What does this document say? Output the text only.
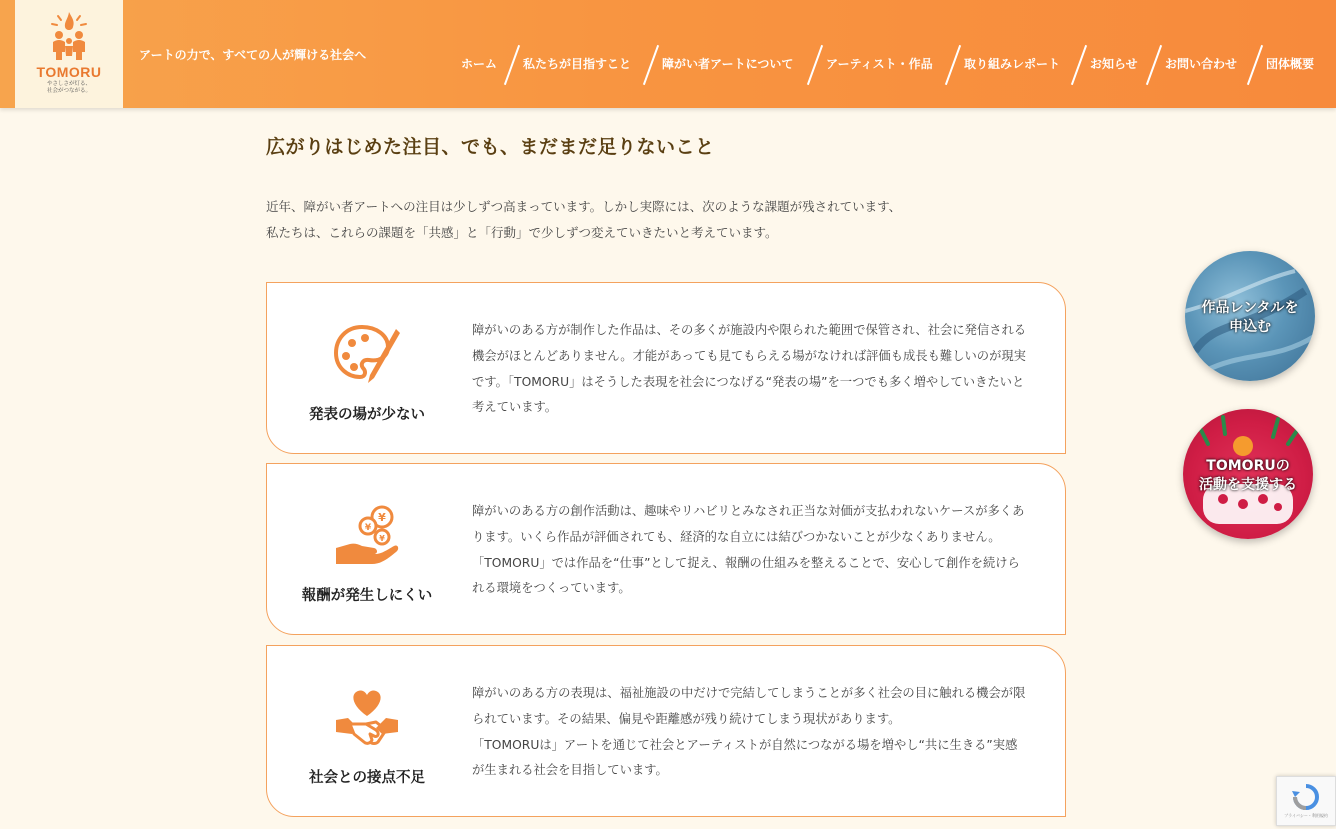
TOMORU
やさしさが灯る、
社会がつながる。
アートの力で、すべての人が輝ける社会へ
ホーム 私たちが目指すこと	障がい者アートについて	アーティスト・作品	取り組みレポート お知らせ お問い合わせ 団体概要
広がりはじめた注目、でも、まだまだ足りないこと
近年、障がい者アートへの注目は少しずつ高まっています。しかし実際には、次のような課題が残されています、
私たちは、これらの課題を「共感」と「行動」で少しずつ変えていきたいと考えています。
発表の場が少ない
障がいのある方が制作した作品は、その多くが施設内や限られた範囲で保管され、社会に発信される機会がほとんどありません。才能があっても見てもらえる場がなければ評価も成長も難しいのが現実です。「TOMORU」はそうした表現を社会につなげる“発表の場”を一つでも多く増やしていきたいと考えています。
¥
¥
¥
報酬が発生しにくい
障がいのある方の創作活動は、趣味やリハビリとみなされ正当な対価が支払われないケースが多くあります。いくら作品が評価されても、経済的な自立には結びつかないことが少なくありません。「TOMORU」では作品を“仕事”として捉え、報酬の仕組みを整えることで、安心して創作を続けられる環境をつくっています。
社会との接点不足
障がいのある方の表現は、福祉施設の中だけで完結してしまうことが多く社会の目に触れる機会が限られています。その結果、偏見や距離感が残り続けてしまう現状があります。
「TOMORUは」アートを通じて社会とアーティストが自然につながる場を増やし“共に生きる”実感が生まれる社会を目指しています。
作品レンタルを
申込む
TOMORUの
活動を支援する
プライバシー・利用規約
